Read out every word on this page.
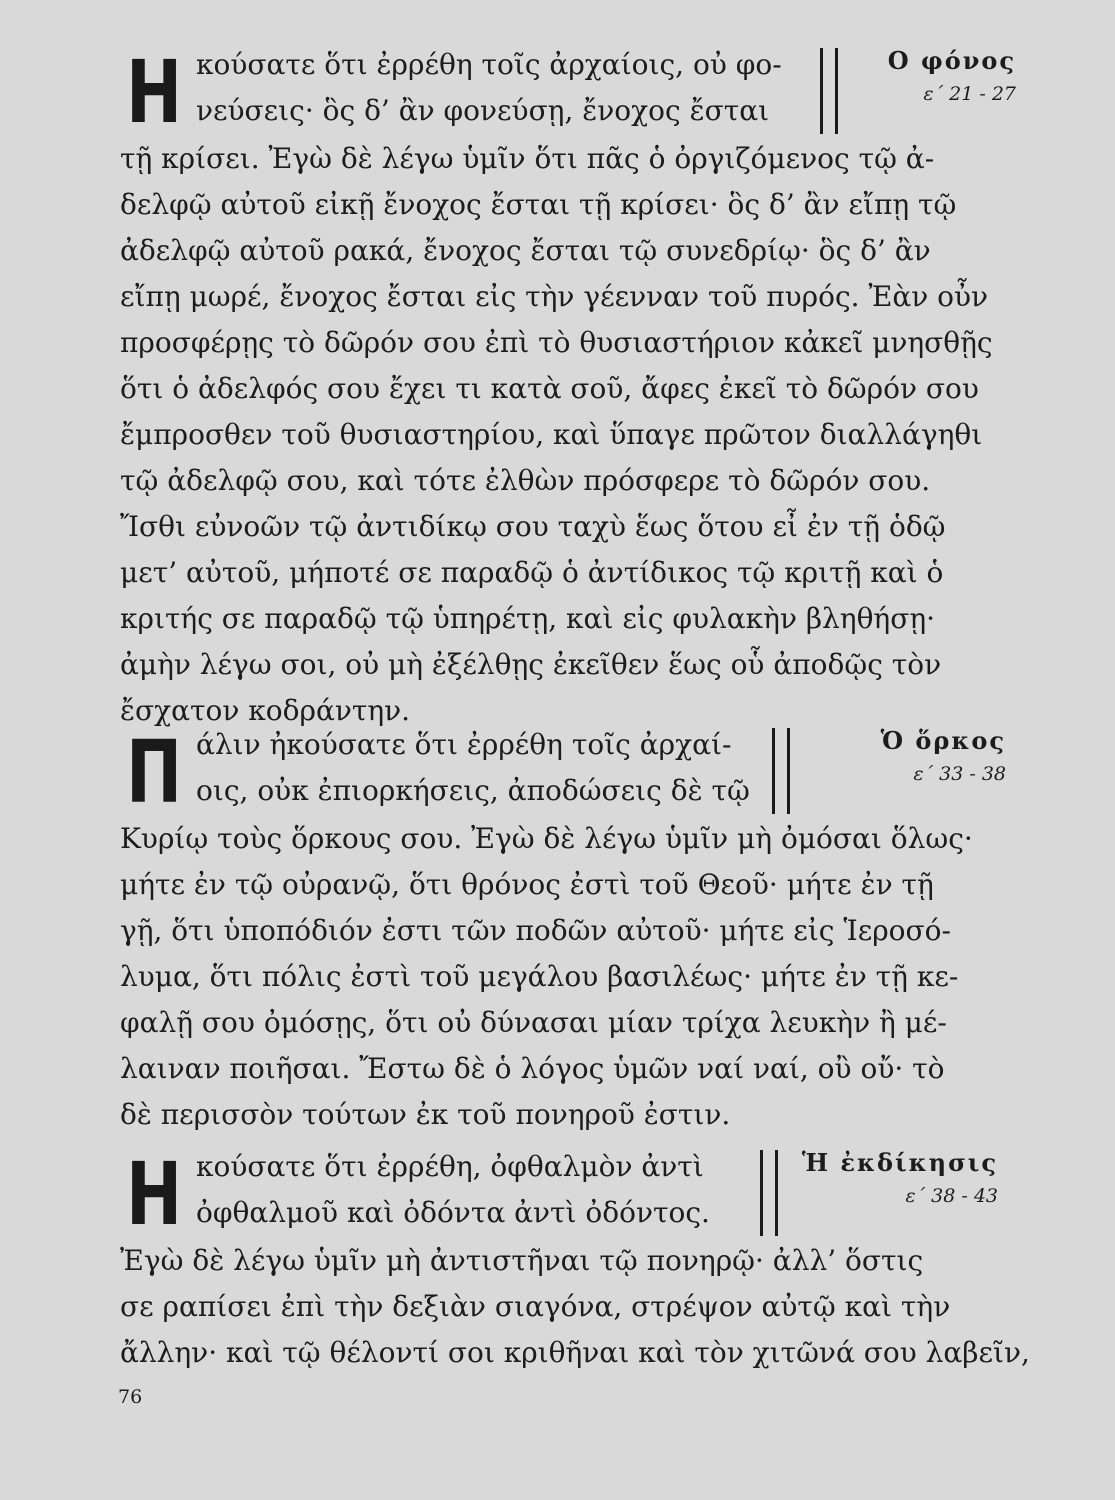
Η κούσατε ὅτι ἐρρέθη τοῖς ἀρχαίοις, οὐ φο-
νεύσεις· ὃς δ’ ἂν φονεύσῃ, ἔνοχος ἔσται
Ο φόνος
ε΄ 21 - 27
τῇ κρίσει. Ἐγὼ δὲ λέγω ὑμῖν ὅτι πᾶς ὁ ὀργιζόμενος τῷ ἀ-
δελφῷ αὐτοῦ εἰκῇ ἔνοχος ἔσται τῇ κρίσει· ὃς δ’ ἂν εἴπῃ τῷ
ἀδελφῷ αὐτοῦ ρακά, ἔνοχος ἔσται τῷ συνεδρίῳ· ὃς δ’ ἂν
εἴπῃ μωρέ, ἔνοχος ἔσται εἰς τὴν γέενναν τοῦ πυρός. Ἐὰν οὖν
προσφέρῃς τὸ δῶρόν σου ἐπὶ τὸ θυσιαστήριον κἀκεῖ μνησθῇς
ὅτι ὁ ἀδελφός σου ἔχει τι κατὰ σοῦ, ἄφες ἐκεῖ τὸ δῶρόν σου
ἔμπροσθεν τοῦ θυσιαστηρίου, καὶ ὕπαγε πρῶτον διαλλάγηθι
τῷ ἀδελφῷ σου, καὶ τότε ἐλθὼν πρόσφερε τὸ δῶρόν σου.
Ἴσθι εὐνοῶν τῷ ἀντιδίκῳ σου ταχὺ ἕως ὅτου εἶ ἐν τῇ ὁδῷ
μετ’ αὐτοῦ, μήποτέ σε παραδῷ ὁ ἀντίδικος τῷ κριτῇ καὶ ὁ
κριτής σε παραδῷ τῷ ὑπηρέτῃ, καὶ εἰς φυλακὴν βληθήσῃ·
ἀμὴν λέγω σοι, οὐ μὴ ἐξέλθῃς ἐκεῖθεν ἕως οὗ ἀποδῷς τὸν
ἔσχατον κοδράντην.
Π άλιν ἠκούσατε ὅτι ἐρρέθη τοῖς ἀρχαί-
οις, οὐκ ἐπιορκήσεις, ἀποδώσεις δὲ τῷ
Ὁ ὅρκος
ε΄ 33 - 38
Κυρίῳ τοὺς ὅρκους σου. Ἐγὼ δὲ λέγω ὑμῖν μὴ ὀμόσαι ὅλως·
μήτε ἐν τῷ οὐρανῷ, ὅτι θρόνος ἐστὶ τοῦ Θεοῦ· μήτε ἐν τῇ
γῇ, ὅτι ὑποπόδιόν ἐστι τῶν ποδῶν αὐτοῦ· μήτε εἰς Ἱεροσό-
λυμα, ὅτι πόλις ἐστὶ τοῦ μεγάλου βασιλέως· μήτε ἐν τῇ κε-
φαλῇ σου ὀμόσῃς, ὅτι οὐ δύνασαι μίαν τρίχα λευκὴν ἢ μέ-
λαιναν ποιῆσαι. Ἔστω δὲ ὁ λόγος ὑμῶν ναί ναί, οὒ οὔ· τὸ
δὲ περισσὸν τούτων ἐκ τοῦ πονηροῦ ἐστιν.
Η κούσατε ὅτι ἐρρέθη, ὀφθαλμὸν ἀντὶ
ὀφθαλμοῦ καὶ ὀδόντα ἀντὶ ὀδόντος.
Ἡ ἐκδίκησις
ε΄ 38 - 43
Ἐγὼ δὲ λέγω ὑμῖν μὴ ἀντιστῆναι τῷ πονηρῷ· ἀλλ’ ὅστις
σε ραπίσει ἐπὶ τὴν δεξιὰν σιαγόνα, στρέψον αὐτῷ καὶ τὴν
ἄλλην· καὶ τῷ θέλοντί σοι κριθῆναι καὶ τὸν χιτῶνά σου λαβεῖν,
76
